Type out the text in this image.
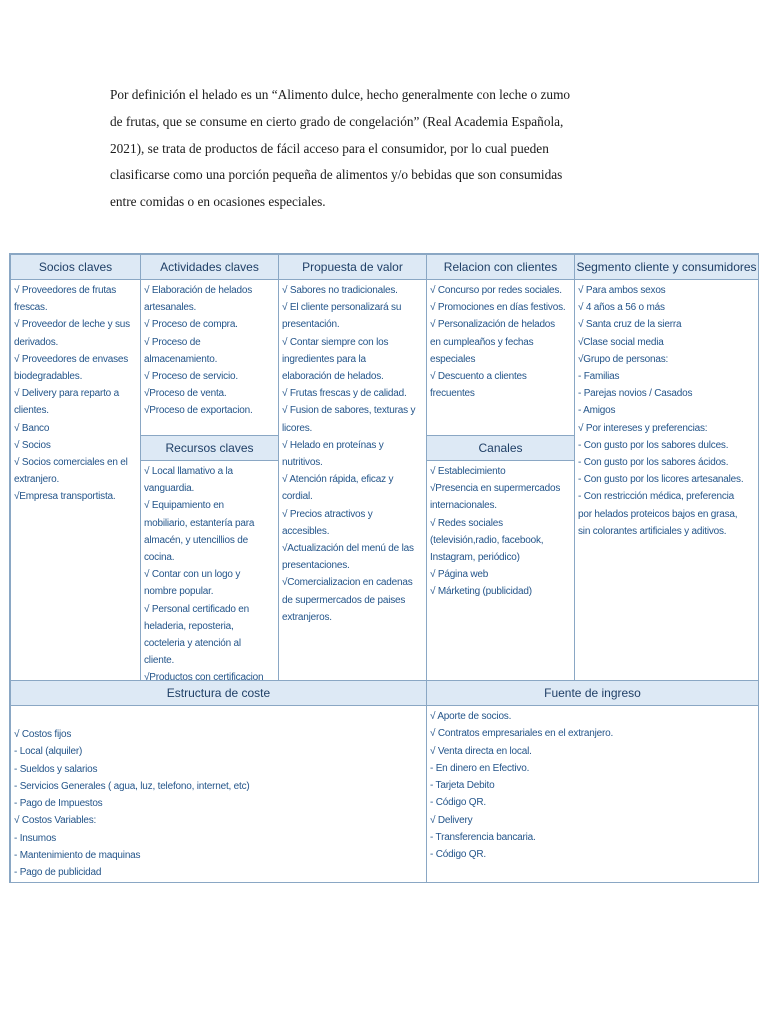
Por definición el helado es un “Alimento dulce, hecho generalmente con leche o zumo
de frutas, que se consume en cierto grado de congelación” (Real Academia Española,
2021), se trata de productos de fácil acceso para el consumidor, por lo cual pueden
clasificarse como una porción pequeña de alimentos y/o bebidas que son consumidas
entre comidas o en ocasiones especiales.
Socios claves
√ Proveedores de frutas
frescas.
√ Proveedor de leche y sus
derivados.
√ Proveedores de envases
biodegradables.
√ Delivery para reparto a
clientes.
√ Banco
√ Socios
√ Socios comerciales en el
extranjero.
√Empresa transportista.
Actividades claves
√ Elaboración de helados
artesanales.
√ Proceso de compra.
√ Proceso de
almacenamiento.
√ Proceso de servicio.
√Proceso de venta.
√Proceso de exportacion.
Recursos claves
√ Local llamativo a la
vanguardia.
√ Equipamiento en
mobiliario, estantería para
almacén, y utencillios de
cocina.
√ Contar con un logo y
nombre popular.
√ Personal certificado en
heladeria, reposteria,
cocteleria y atención al
cliente.
√Productos con certificacion
Propuesta de valor
√ Sabores no tradicionales.
√ El cliente personalizará su
presentación.
√ Contar siempre con los
ingredientes para la
elaboración de helados.
√ Frutas frescas y de calidad.
√ Fusion de sabores, texturas y
licores.
√ Helado en proteínas y
nutritivos.
√ Atención rápida, eficaz y
cordial.
√ Precios atractivos y
accesibles.
√Actualización del menú de las
presentaciones.
√Comercializacion en cadenas
de supermercados de paises
extranjeros.
Relacion con clientes
√ Concurso por redes sociales.
√ Promociones en días festivos.
√ Personalización de helados
en cumpleaños y fechas
especiales
√ Descuento a clientes
frecuentes
Canales
√ Establecimiento
√Presencia en supermercados
internacionales.
√ Redes sociales
(televisión,radio, facebook,
Instagram, periódico)
√ Página web
√ Márketing (publicidad)
Segmento cliente y consumidores
√ Para ambos sexos
√ 4 años a 56 o más
√ Santa cruz de la sierra
√Clase social media
√Grupo de personas:
- Familias
- Parejas novios / Casados
- Amigos
√ Por intereses y preferencias:
- Con gusto por los sabores dulces.
- Con gusto por los sabores ácidos.
- Con gusto por los licores artesanales.
- Con restricción médica, preferencia
por helados proteicos bajos en grasa,
sin colorantes artificiales y aditivos.
Estructura de coste
√ Costos fijos
- Local (alquiler)
- Sueldos y salarios
- Servicios Generales ( agua, luz, telefono, internet, etc)
- Pago de Impuestos
√ Costos Variables:
- Insumos
- Mantenimiento de maquinas
- Pago de publicidad
Fuente de ingreso
√ Aporte de socios.
√ Contratos empresariales en el extranjero.
√ Venta directa en local.
- En dinero en Efectivo.
- Tarjeta Debito
- Código QR.
√ Delivery
- Transferencia bancaria.
- Código QR.
